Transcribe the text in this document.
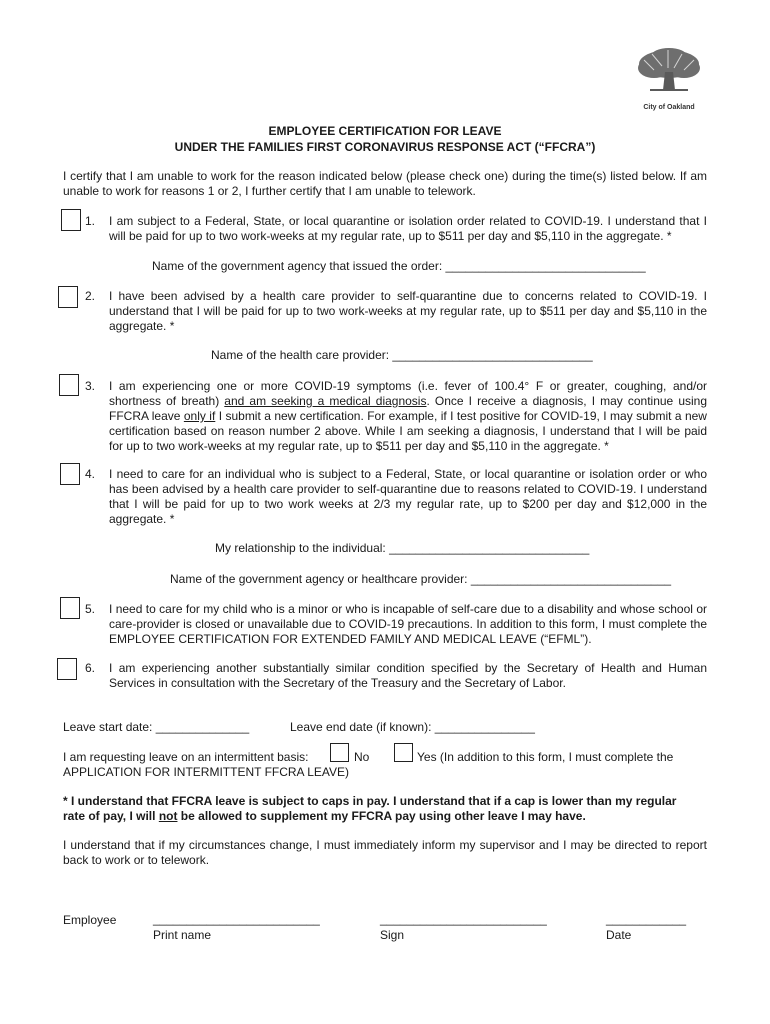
City of Oakland
EMPLOYEE CERTIFICATION FOR LEAVE
UNDER THE FAMILIES FIRST CORONAVIRUS RESPONSE ACT (“FFCRA”)
I certify that I am unable to work for the reason indicated below (please check one) during the time(s) listed below. If am unable to work for reasons 1 or 2, I further certify that I am unable to telework.
1. I am subject to a Federal, State, or local quarantine or isolation order related to COVID-19. I understand that I will be paid for up to two work-weeks at my regular rate, up to $511 per day and $5,110 in the aggregate. *
Name of the government agency that issued the order: ______________________________
2. I have been advised by a health care provider to self-quarantine due to concerns related to COVID-19. I understand that I will be paid for up to two work-weeks at my regular rate, up to $511 per day and $5,110 in the aggregate. *
Name of the health care provider: ______________________________
3. I am experiencing one or more COVID-19 symptoms (i.e. fever of 100.4° F or greater, coughing, and/or shortness of breath) and am seeking a medical diagnosis. Once I receive a diagnosis, I may continue using FFCRA leave only if I submit a new certification. For example, if I test positive for COVID-19, I may submit a new certification based on reason number 2 above. While I am seeking a diagnosis, I understand that I will be paid for up to two work-weeks at my regular rate, up to $511 per day and $5,110 in the aggregate. *
4. I need to care for an individual who is subject to a Federal, State, or local quarantine or isolation order or who has been advised by a health care provider to self-quarantine due to reasons related to COVID-19. I understand that I will be paid for up to two work weeks at 2/3 my regular rate, up to $200 per day and $12,000 in the aggregate. *
My relationship to the individual: ______________________________
Name of the government agency or healthcare provider: ______________________________
5. I need to care for my child who is a minor or who is incapable of self-care due to a disability and whose school or care-provider is closed or unavailable due to COVID-19 precautions. In addition to this form, I must complete the EMPLOYEE CERTIFICATION FOR EXTENDED FAMILY AND MEDICAL LEAVE (“EFML”).
6. I am experiencing another substantially similar condition specified by the Secretary of Health and Human Services in consultation with the Secretary of the Treasury and the Secretary of Labor.
Leave start date: ______________	Leave end date (if known): _______________
I am requesting leave on an intermittent basis:	No	Yes (In addition to this form, I must complete the
APPLICATION FOR INTERMITTENT FFCRA LEAVE)
* I understand that FFCRA leave is subject to caps in pay. I understand that if a cap is lower than my regular rate of pay, I will not be allowed to supplement my FFCRA pay using other leave I may have.
I understand that if my circumstances change, I must immediately inform my supervisor and I may be directed to report back to work or to telework.
Employee	_________________________	_________________________	____________
Print name	Sign	Date
